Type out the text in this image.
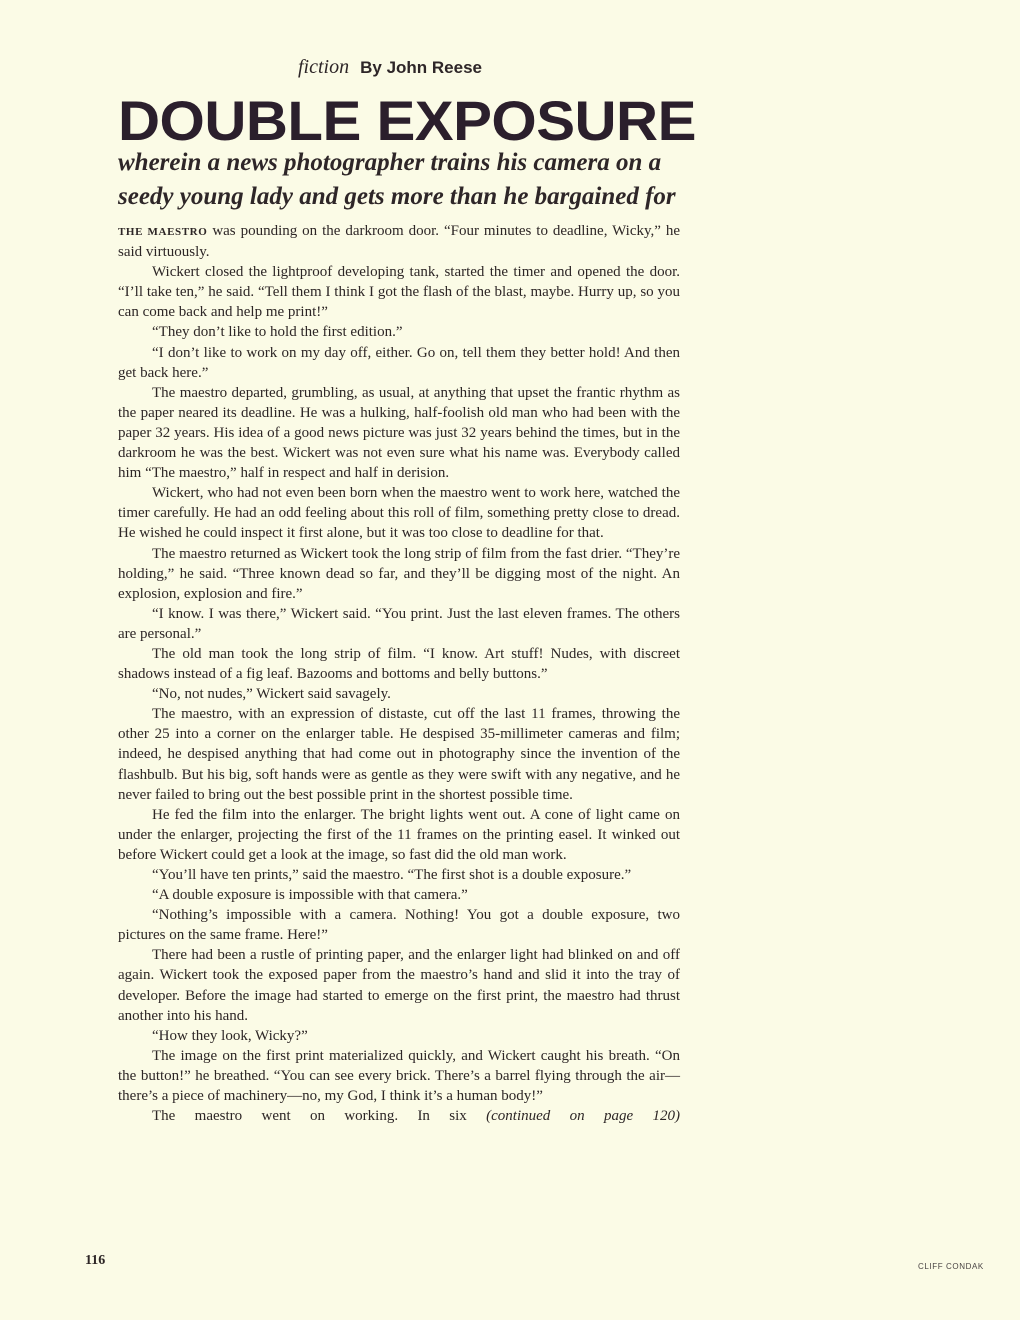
fiction By John Reese
DOUBLE EXPOSURE
wherein a news photographer trains his camera on a seedy young lady and gets more than he bargained for

THE MAESTRO was pounding on the darkroom door. “Four minutes to deadline, Wicky,” he said virtuously.

Wickert closed the lightproof developing tank, started the timer and opened the door. “I’ll take ten,” he said. “Tell them I think I got the flash of the blast, maybe. Hurry up, so you can come back and help me print!”

“They don’t like to hold the first edition.”

“I don’t like to work on my day off, either. Go on, tell them they better hold! And then get back here.”

The maestro departed, grumbling, as usual, at anything that upset the frantic rhythm as the paper neared its deadline. He was a hulking, half-foolish old man who had been with the paper 32 years. His idea of a good news picture was just 32 years behind the times, but in the darkroom he was the best. Wickert was not even sure what his name was. Everybody called him “The maestro,” half in respect and half in derision.

Wickert, who had not even been born when the maestro went to work here, watched the timer carefully. He had an odd feeling about this roll of film, something pretty close to dread. He wished he could inspect it first alone, but it was too close to deadline for that.

The maestro returned as Wickert took the long strip of film from the fast drier. “They’re holding,” he said. “Three known dead so far, and they’ll be digging most of the night. An explosion, explosion and fire.”

“I know. I was there,” Wickert said. “You print. Just the last eleven frames. The others are personal.”

The old man took the long strip of film. “I know. Art stuff! Nudes, with discreet shadows instead of a fig leaf. Bazooms and bottoms and belly buttons.”

“No, not nudes,” Wickert said savagely.

The maestro, with an expression of distaste, cut off the last 11 frames, throwing the other 25 into a corner on the enlarger table. He despised 35-millimeter cameras and film; indeed, he despised anything that had come out in photography since the invention of the flashbulb. But his big, soft hands were as gentle as they were swift with any negative, and he never failed to bring out the best possible print in the shortest possible time.

He fed the film into the enlarger. The bright lights went out. A cone of light came on under the enlarger, projecting the first of the 11 frames on the printing easel. It winked out before Wickert could get a look at the image, so fast did the old man work.

“You’ll have ten prints,” said the maestro. “The first shot is a double exposure.”

“A double exposure is impossible with that camera.”

“Nothing’s impossible with a camera. Nothing! You got a double exposure, two pictures on the same frame. Here!”

There had been a rustle of printing paper, and the enlarger light had blinked on and off again. Wickert took the exposed paper from the maestro’s hand and slid it into the tray of developer. Before the image had started to emerge on the first print, the maestro had thrust another into his hand.

“How they look, Wicky?”

The image on the first print materialized quickly, and Wickert caught his breath. “On the button!” he breathed. “You can see every brick. There’s a barrel flying through the air—there’s a piece of machinery—no, my God, I think it’s a human body!”

The maestro went on working. In six (continued on page 120)

116	CLIFF CONDAK
